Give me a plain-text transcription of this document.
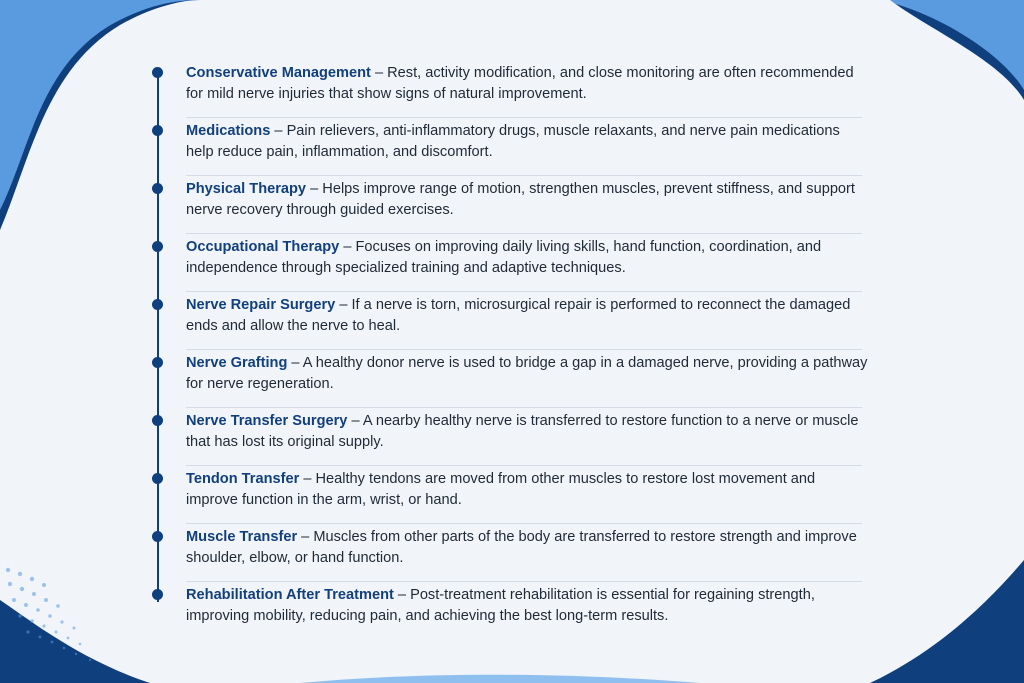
Conservative Management – Rest, activity modification, and close monitoring are often recommended for mild nerve injuries that show signs of natural improvement.
Medications – Pain relievers, anti-inflammatory drugs, muscle relaxants, and nerve pain medications help reduce pain, inflammation, and discomfort.
Physical Therapy – Helps improve range of motion, strengthen muscles, prevent stiffness, and support nerve recovery through guided exercises.
Occupational Therapy – Focuses on improving daily living skills, hand function, coordination, and independence through specialized training and adaptive techniques.
Nerve Repair Surgery – If a nerve is torn, microsurgical repair is performed to reconnect the damaged ends and allow the nerve to heal.
Nerve Grafting – A healthy donor nerve is used to bridge a gap in a damaged nerve, providing a pathway for nerve regeneration.
Nerve Transfer Surgery – A nearby healthy nerve is transferred to restore function to a nerve or muscle that has lost its original supply.
Tendon Transfer – Healthy tendons are moved from other muscles to restore lost movement and improve function in the arm, wrist, or hand.
Muscle Transfer – Muscles from other parts of the body are transferred to restore strength and improve shoulder, elbow, or hand function.
Rehabilitation After Treatment – Post-treatment rehabilitation is essential for regaining strength, improving mobility, reducing pain, and achieving the best long-term results.
